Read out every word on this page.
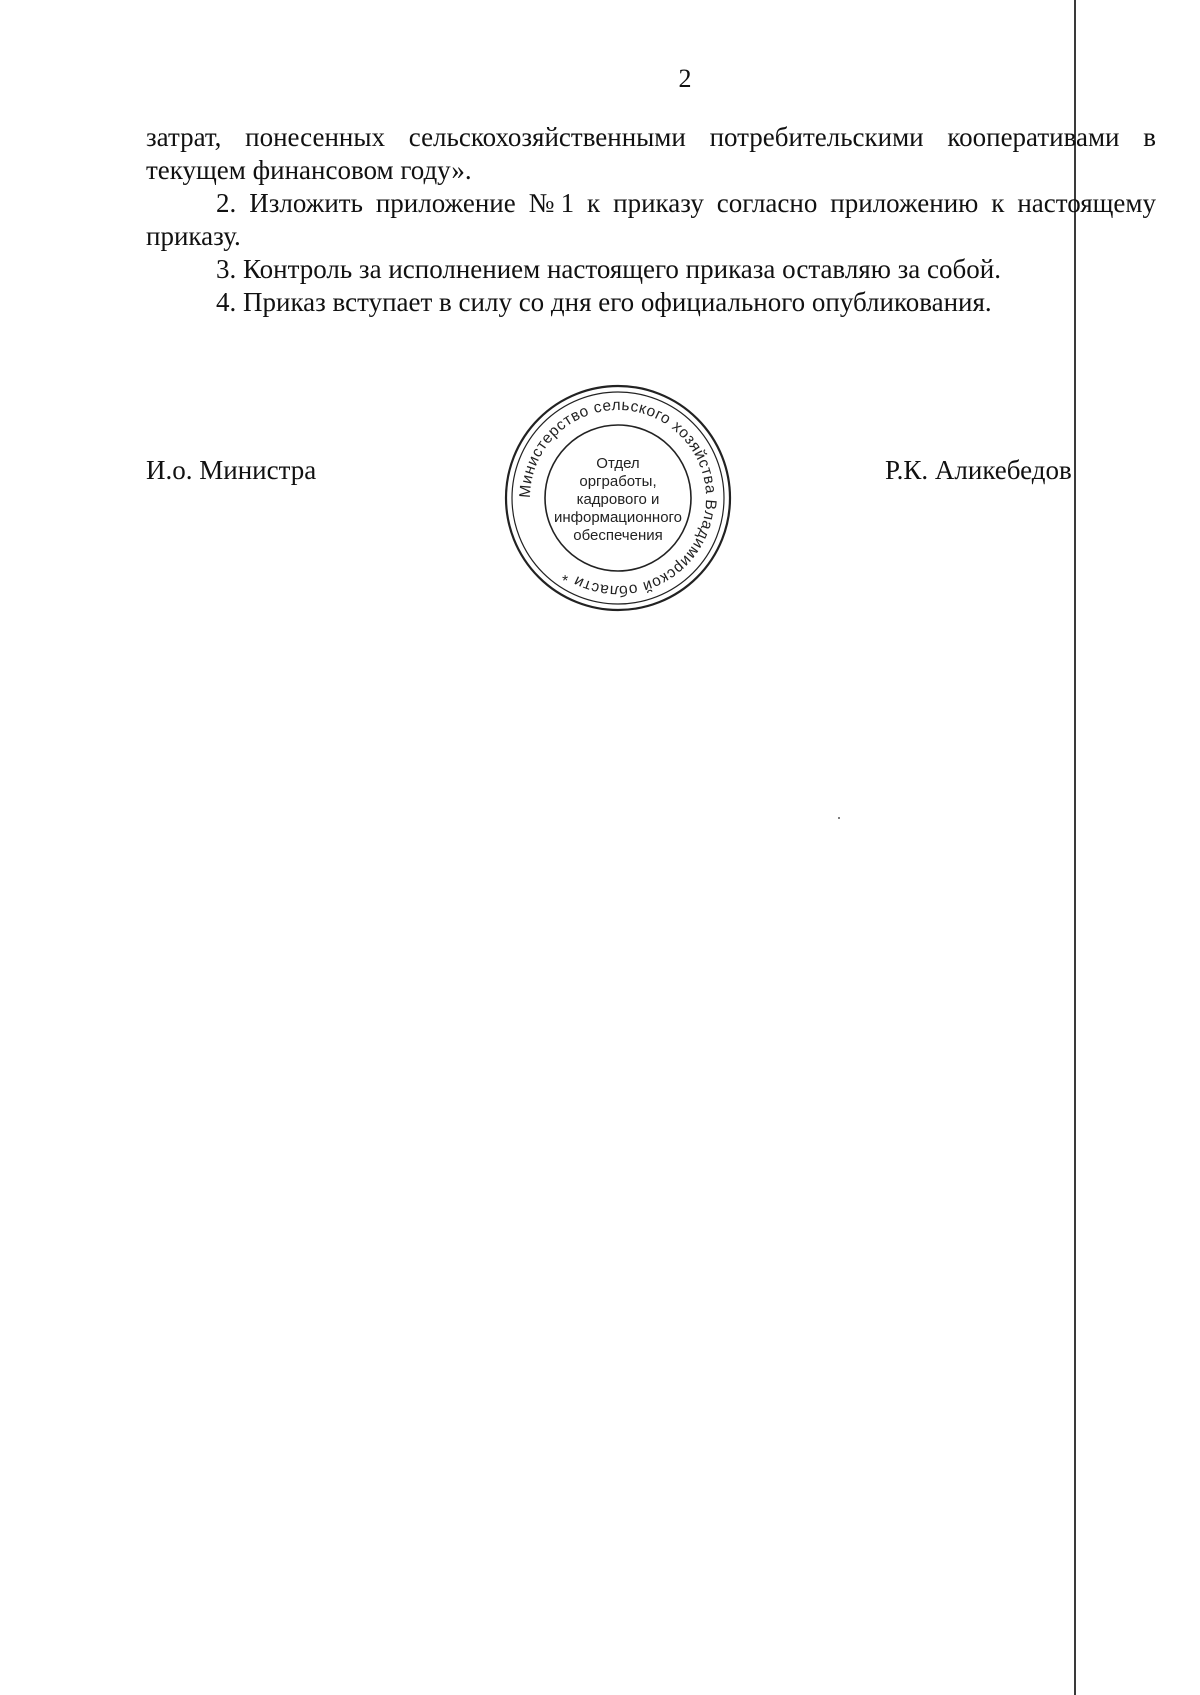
2

затрат, понесенных сельскохозяйственными потребительскими кооперативами в текущем финансовом году».

2. Изложить приложение №1 к приказу согласно приложению к настоящему приказу.

3. Контроль за исполнением настоящего приказа оставляю за собой.

4. Приказ вступает в силу со дня его официального опубликования.

И.о. Министра
Министерство сельского хозяйства Владимирской области *
Отдел
оргработы,
кадрового и
информационного
обеспечения
Р.К. Аликебедов
